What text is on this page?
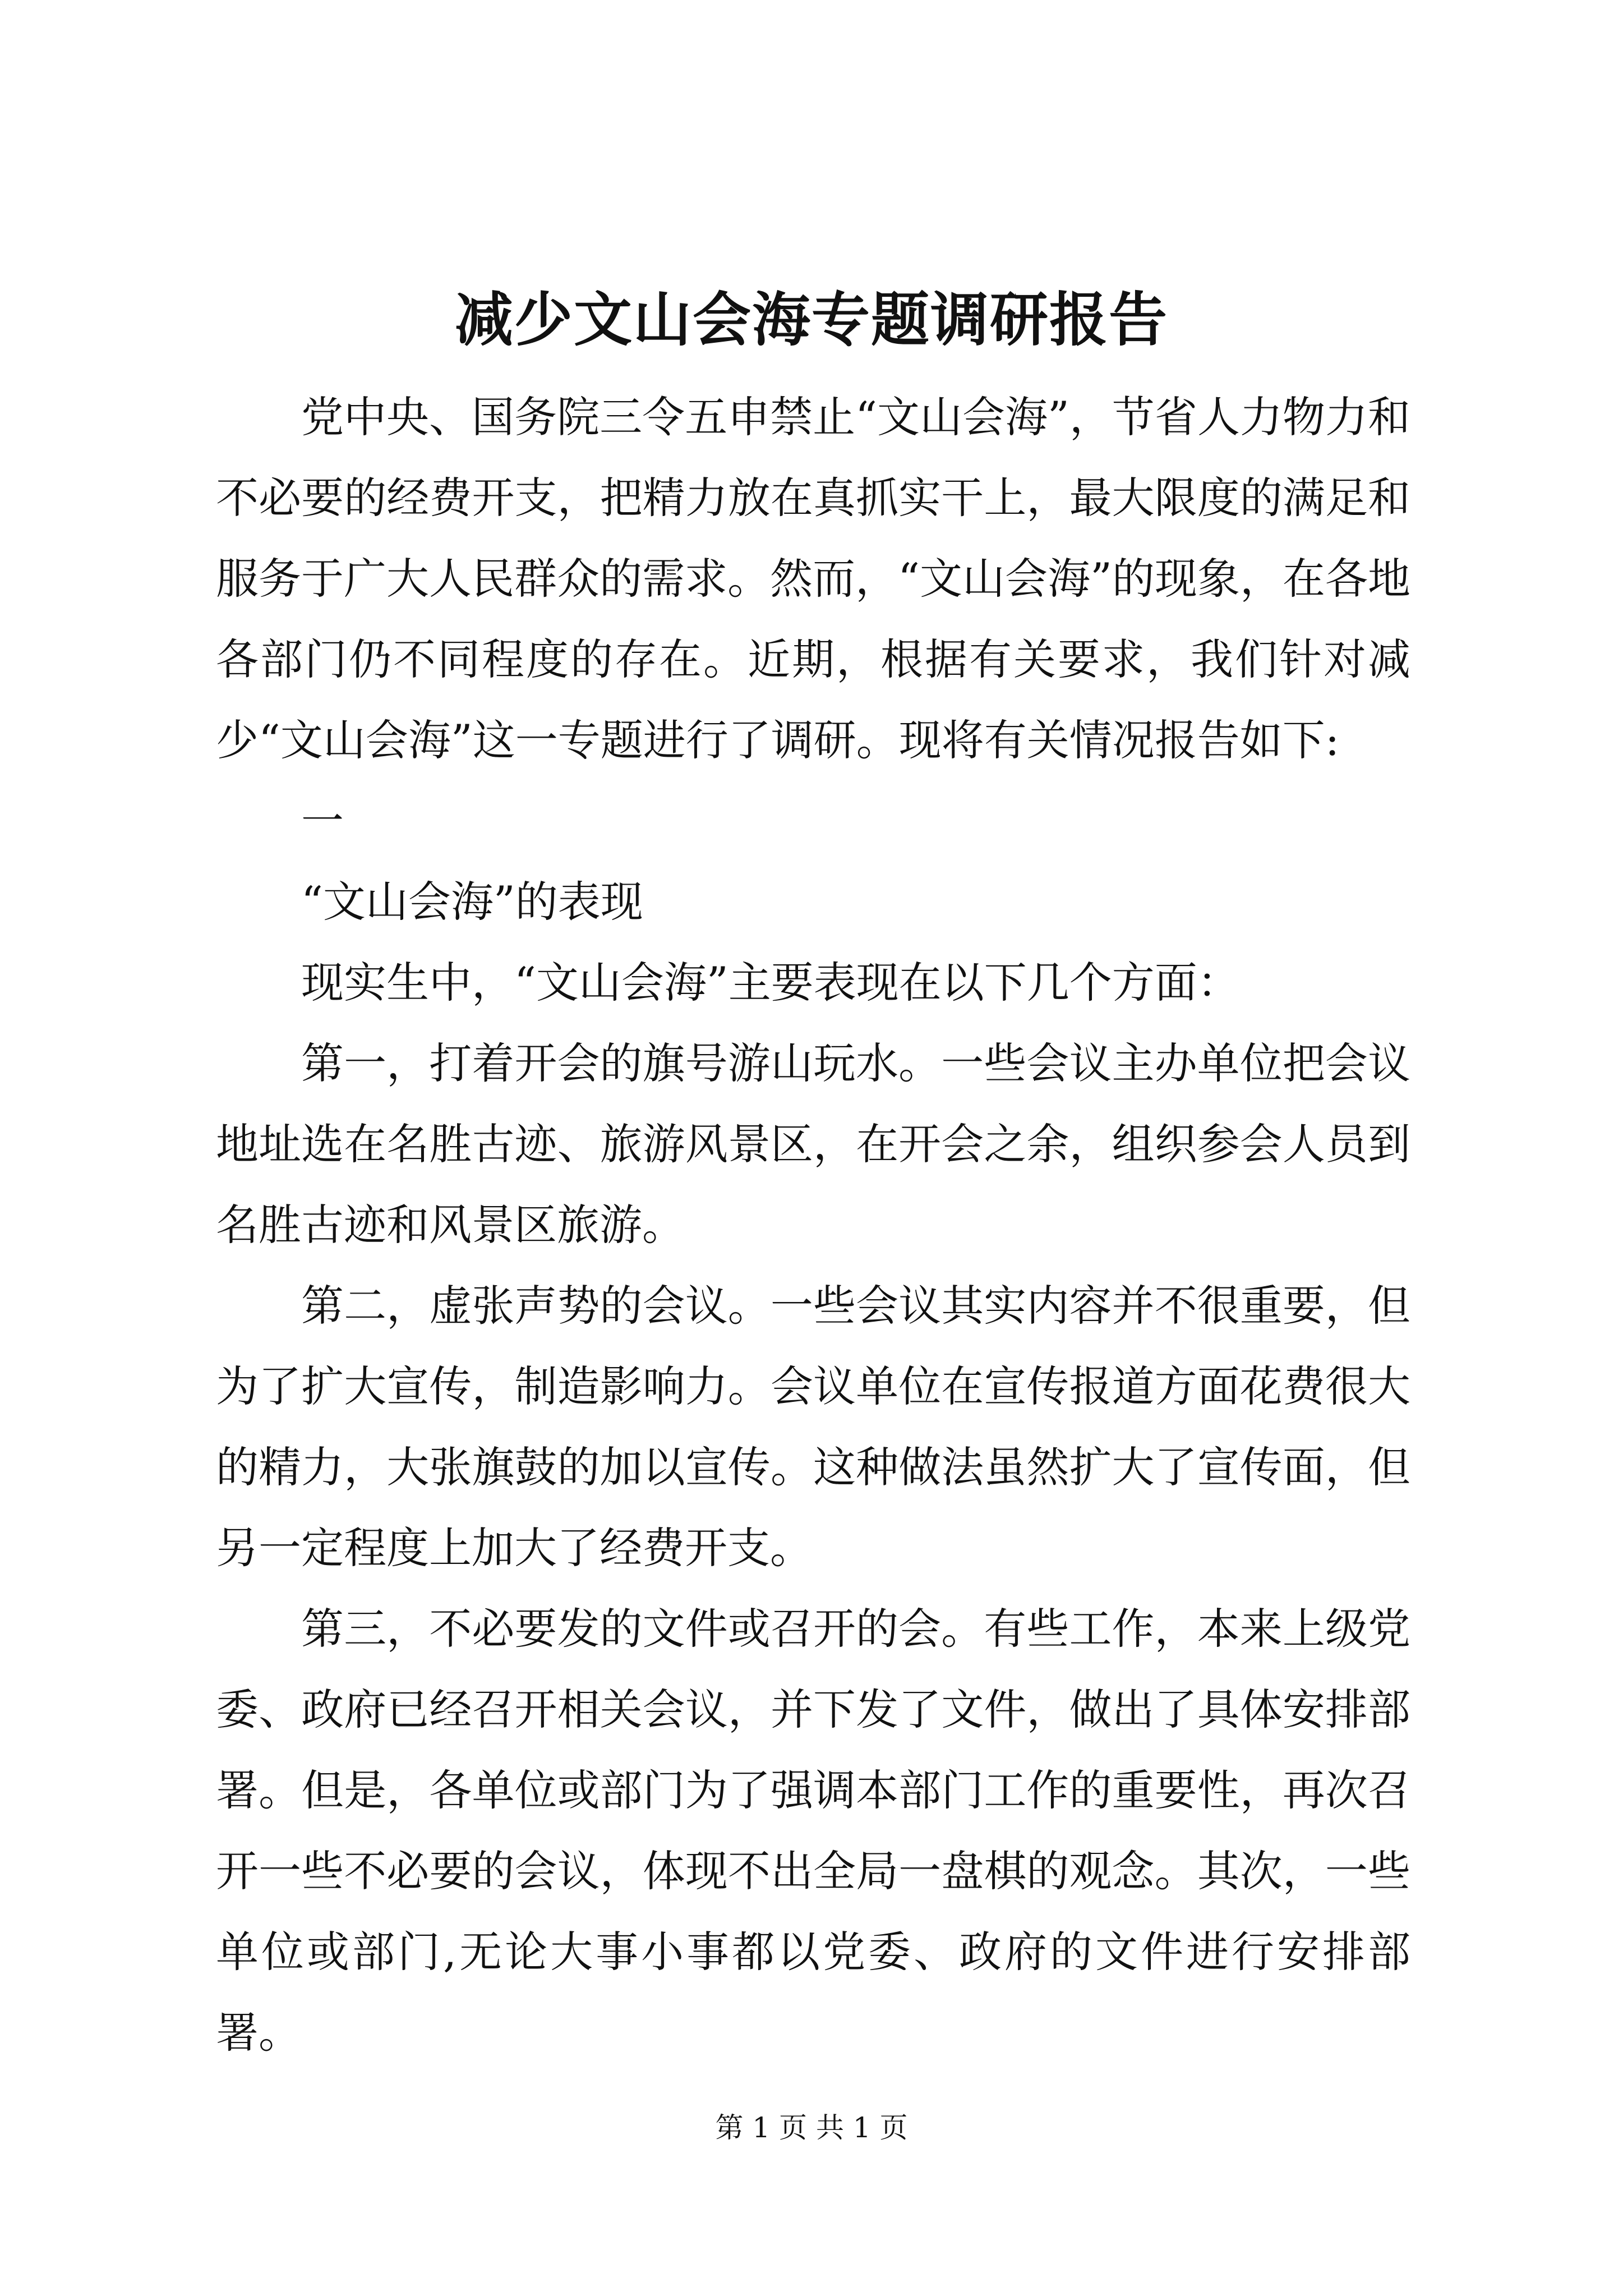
减少文山会海专题调研报告

党中央、国务院三令五申禁止“文山会海”，节省人力物力和不必要的经费开支，把精力放在真抓实干上，最大限度的满足和服务于广大人民群众的需求。然而，“文山会海”的现象，在各地各部门仍不同程度的存在。近期，根据有关要求，我们针对减少“文山会海”这一专题进行了调研。现将有关情况报告如下:

一

“文山会海”的表现

现实生中，“文山会海”主要表现在以下几个方面：

第一，打着开会的旗号游山玩水。一些会议主办单位把会议地址选在名胜古迹、旅游风景区，在开会之余，组织参会人员到名胜古迹和风景区旅游。

第二，虚张声势的会议。一些会议其实内容并不很重要，但为了扩大宣传，制造影响力。会议单位在宣传报道方面花费很大的精力，大张旗鼓的加以宣传。这种做法虽然扩大了宣传面，但另一定程度上加大了经费开支。

第三，不必要发的文件或召开的会。有些工作，本来上级党委、政府已经召开相关会议，并下发了文件，做出了具体安排部署。但是，各单位或部门为了强调本部门工作的重要性，再次召开一些不必要的会议，体现不出全局一盘棋的观念。其次，一些单位或部门,无论大事小事都以党委、政府的文件进行安排部署。

第 1 页 共 1 页
